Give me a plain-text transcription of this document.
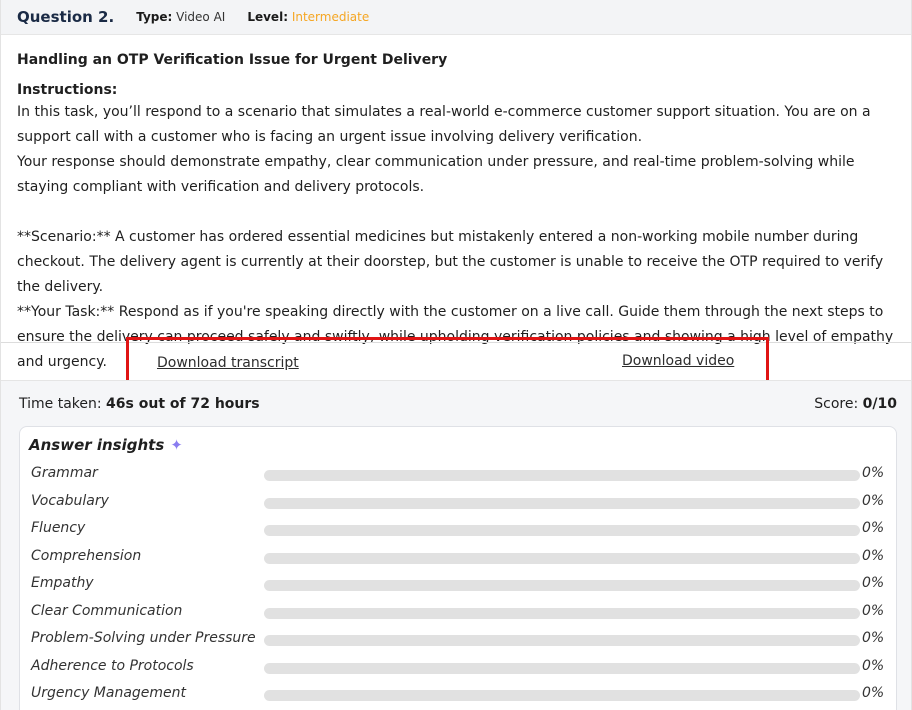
Question 2. Type: Video AI Level: Intermediate
Handling an OTP Verification Issue for Urgent Delivery
Instructions:

In this task, you’ll respond to a scenario that simulates a real-world e-commerce customer support situation. You are on a support call with a customer who is facing an urgent issue involving delivery verification.

Your response should demonstrate empathy, clear communication under pressure, and real-time problem-solving while staying compliant with verification and delivery protocols.

**Scenario:** A customer has ordered essential medicines but mistakenly entered a non-working mobile number during checkout. The delivery agent is currently at their doorstep, but the customer is unable to receive the OTP required to verify the delivery.

**Your Task:** Respond as if you're speaking directly with the customer on a live call. Guide them through the next steps to ensure the delivery can proceed safely and swiftly, while upholding verification policies and showing a high level of empathy and urgency.	Download transcript	Download video
Time taken: 46s out of 72 hours	Score: 0/10
Answer insights ✦
Grammar	0%
Vocabulary	0%
Fluency	0%
Comprehension	0%
Empathy	0%
Clear Communication	0%
Problem-Solving under Pressure	0%
Adherence to Protocols	0%
Urgency Management	0%
